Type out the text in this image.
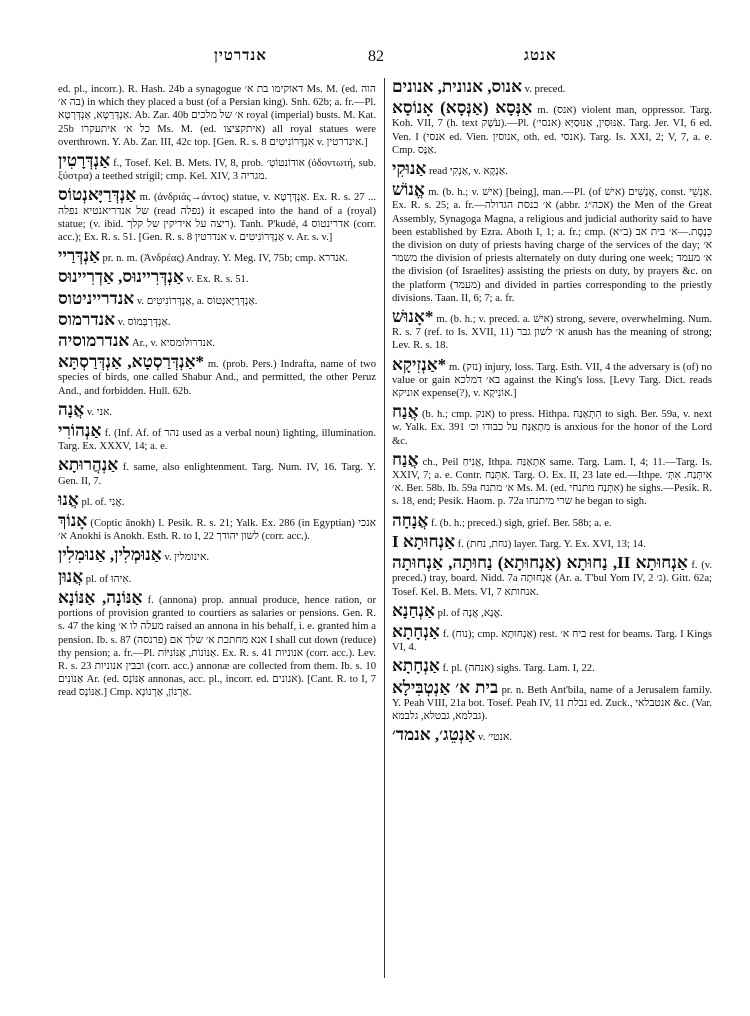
אנדרטין	82	אנטג
ed. pl., incorr.). R. Hash. 24b a synagogue דאוקימו בת א׳ Ms. M. (ed. הוה בה א׳) in which they placed a bust (of a Persian king). Snh. 62b; a. fr.—Pl. אַנְדְּרַטָּא, אַנְדְּרְטָא. Ab. Zar. 40b א׳ של מלכים royal (imperial) busts. M. Kat. 25b כל א׳ איתעקרו Ms. M. (ed. איתקציצו) all royal statues were overthrown. Y. Ab. Zar. III, 42c top. [Gen. R. s. 8 אִנְדְּרוֹנִיטִים v. אינדרטין.]
אַנְדְּרָטִין f., Tosef. Kel. B. Mets. IV, 8, prob. אודוֹנטוֹטְ׳ (ὀδοντωτή, sub. ξύστρα) a teethed strigil; cmp. Kel. XIV, 3 מגריה.
אַנְדְּרַיָּאנְטוֹס m. (ἀνδριάς→άντος) statue, v. אַנְדְּרָטָא. Ex. R. s. 27 ... של אנדריאנטיא נפלה (read נפלה) it escaped into the hand of a (royal) statue; (v. ibid. ריצה על אידיקין של קלך). Tanh. P'kudé, 4 אדרינטוס (corr. acc.); Ex. R. s. 51. [Gen. R. s. 8 אנדרטין v. אַנְדְּרוֹנִיטִים v. Ar. s. v.]
אַנְדְּרַיי pr. n. m. (Ἀνδρέας) Andray. Y. Meg. IV, 75b; cmp. אנדרא.
אַנְדְּרִיינוּס, אַדְרִיינוּס v. Ex. R. s. 51.
אנדרייניטוס v. אַנְדְּרוֹנִיטִים, a. אַנְדְּרַיָּאנְטוֹס.
אנדרמוס v. אַנְדְּרַבְּמוֹס.
אנדרמוסיה Ar., v. אנדרולומסיא.
*אַנְדְּרַסְטָא, אַנְדְּרַסְתָּא m. (prob. Pers.) Indrafta, name of two species of birds, one called Shabur And., and permitted, the other Peruz And., and forbidden. Hull. 62b.
אֲנָה v. אני.
אַנְהוֹרִי f. (Inf. Af. of נהר used as a verbal noun) lighting, illumination. Targ. Ex. XXXV, 14; a. e.
אַנְהֲרוּתָא f. same, also enlightenment. Targ. Num. IV, 16. Targ. Y. Gen. II, 7.
אֲנוּ pl. of. אֲנִי.
אָנוֹךְ (Coptic ānokh) I. Pesik. R. s. 21; Yalk. Ex. 286 (in Egyptian) אנכי א׳ Anokhi is Anokh. Esth. R. to I, 22 לשון יהודך (corr. acc.).
אַנוּמְלִין, אַנוּמִלִין v. אינומלין.
אֲנוּן pl. of אִיהוּ.
אַנּוֹנָה, אַנּוֹנָא f. (annona) prop. annual produce, hence ration, or portions of provision granted to courtiers as salaries or pensions. Gen. R. s. 47 the king מעלה לו א׳ raised an annona in his behalf, i. e. granted him a pension. Ib. s. 87 אנא מחתכת א׳ שלך אם (פרנסה) I shall cut down (reduce) thy pension; a. fr.—Pl. אַנּוֹנוֹת, אַנּוֹנִיּוֹת. Ex. R. s. 41 אנוניות (corr. acc.). Lev. R. s. 23 ובבין אנוניות (corr. acc.) annonæ are collected from them. Ib. s. 10 אַנּוֹנִים Ar. (ed. אַנּוֹנָס annonas, acc. pl., incorr. ed. אנונים). [Cant. R. to I, 7 read אַנּוֹנָס.] Cmp. אַרְנוֹן, אַרְנוֹנָא.
אנוס, אנונית, אנונים v. preced.
אַנְּסָא (אַנְּסָא) אָנוֹסָא m. (אנס) violent man, oppressor. Targ. Koh. VII, 7 (h. text עֹשֶׁק).—Pl. אַנּוּסִין, אַנּוּסַיָּא (אנסי׳). Targ. Jer. VI, 6 ed. Ven. I (אנסי ed. Vien. אנוסין, oth. ed. אנסי). Targ. Is. XXI, 2; V, 7, a. e. Cmp. אַנָּס.
אַנוּקִי read אַנְקִי, v. אַנְקָא.
אֱנוֹשׁ m. (b. h.; v. אישׁ) [being], man.—Pl. (of אישׁ) אֲנָשִׁים, const. אַנְשֵׁי. Ex. R. s. 25; a. fr.—א׳ כנסת הגדולה (abbr. אכה״ג) the Men of the Great Assembly, Synagoga Magna, a religious and judicial authority said to have been established by Ezra. Aboth I, 1; a. fr.; cmp. כְּנֶסֶת.—א׳ בית אב (ב״א) the division on duty of priests having charge of the services of the day; א׳ משמר the division of priests alternately on duty during one week; א׳ מעמד the division (of Israelites) assisting the priests on duty, by prayers &c. on the platform (מעמד) and divided in parties corresponding to the priestly divisions. Taan. II, 6; 7; a. fr.
*אָנוּשׁ m. (b. h.; v. preced. a. אישׁ) strong, severe, overwhelming. Num. R. s. 7 (ref. to Is. XVII, 11) א׳ לשון גבר anush has the meaning of strong; Lev. R. s. 18.
*אַנְזִיקָא m. (נזק) injury, loss. Targ. Esth. VII, 4 the adversary is (of) no value or gain בא׳ דמלכא against the King's loss. [Levy Targ. Dict. reads אוניקא expense(?), v. אוֹנִיקָא.]
אֲנַח (b. h.; cmp. אנק) to press. Hithpa. הִתְאַנַּח to sigh. Ber. 59a, v. next w. Yalk. Ex. 391 מִתְאַנַּח על כבודו וכ׳ is anxious for the honor of the Lord &c.
אֲנַח ch., Peil אֲנִיחַ, Ithpa. אִתְאַנַּח same. Targ. Lam. I, 4; 11.—Targ. Is. XXIV, 7; a. e. Contr. אִתְּנַח. Targ. O. Ex. II, 23 late ed.—Ithpe. אִיתְּנַח. אִתְּ׳ א׳. Ber. 58b. Ib. 59a א׳ מתנח Ms. M. (ed. אִתְּנַח מתנחי) he sighs.—Pesik. R. s. 18, end; Pesik. Haom. p. 72a שרי מיתנחו he began to sigh.
אֲנָחָה f. (b. h.; preced.) sigh, grief. Ber. 58b; a. e.
אַנְחוּתָא I f. (נחת, נחת) layer. Targ. Y. Ex. XVI, 13; 14.
אַנְחוּתָא II, נַחוּתָא (אַנְחוּתָא) נַחוּתָה, אַנְחוּתָה f. (v. preced.) tray, board. Nidd. 7a אַנְחוּתָה (Ar. a. T'bul Yom IV, 2 ג׳). Gitt. 62a; Tosef. Kel. B. Mets. VI, 7 אנחותא.
אַנְחַנָא pl. of אֲנָא, אֲנָה.
אַנְחָתָא f. (נוח); cmp. אַנְחוּתָא) rest. ביח א׳ rest for beams. Targ. I Kings VI, 4.
אַנְחָתָא f. pl. (אנחה) sighs. Targ. Lam. I, 22.
בית א׳ אַנְטְבִּילָא pr. n. Beth Ant'bila, name of a Jerusalem family. Y. Peah VIII, 21a bot. Tosef. Peah IV, 11 נבלת ed. Zuck., אנטבלאי &c. (Var. גבלמא, גבטלא, גלבמא).
אַנְטֵג׳, אנמד׳ v. אנטי׳.
